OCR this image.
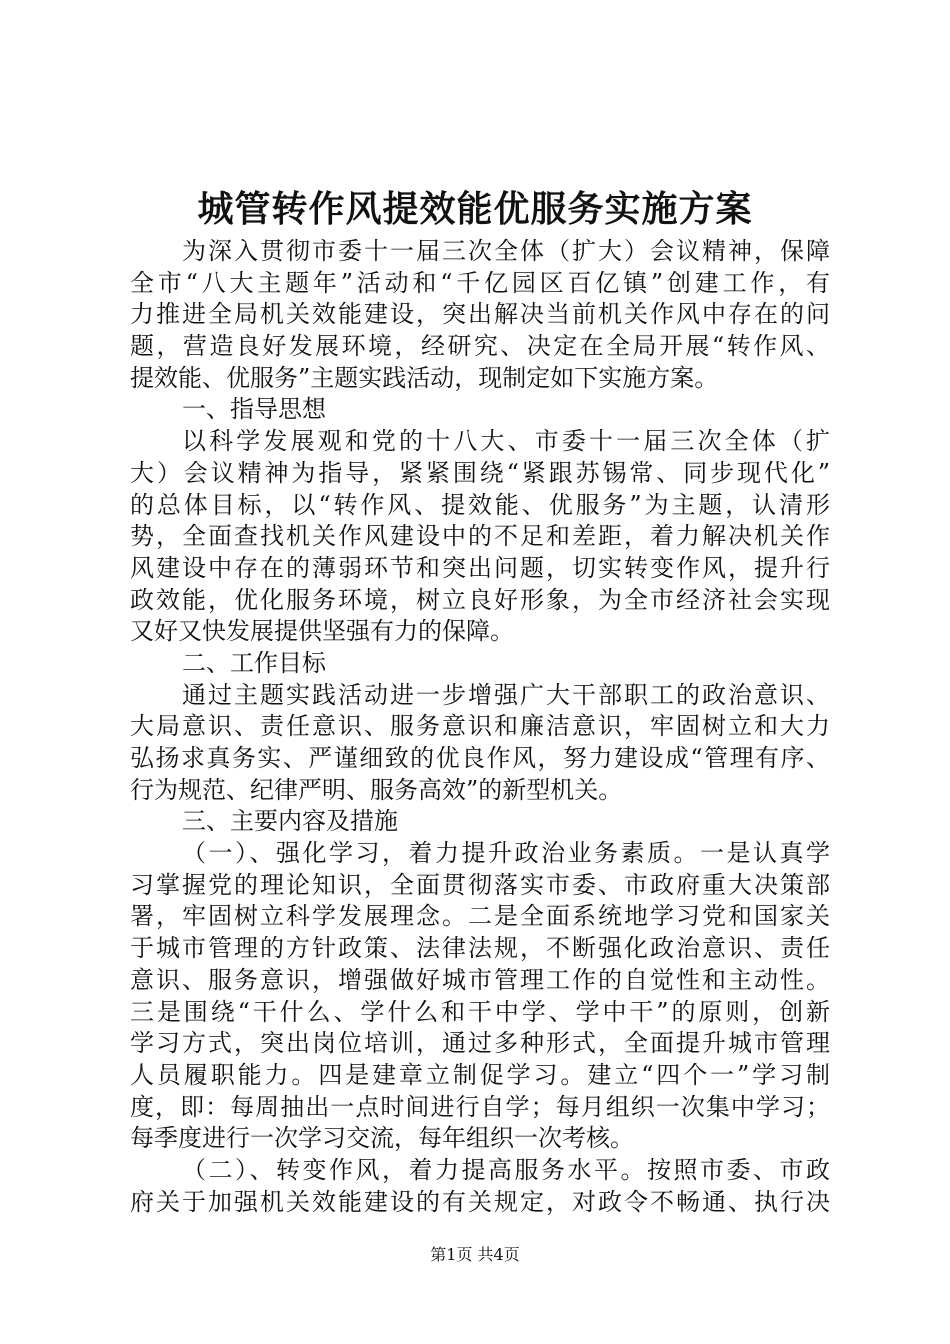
城管转作风提效能优服务实施方案
为深入贯彻市委十一届三次全体（扩大）会议精神，保障
全市“八大主题年”活动和“千亿园区百亿镇”创建工作，有
力推进全局机关效能建设，突出解决当前机关作风中存在的问
题，营造良好发展环境，经研究、决定在全局开展“转作风、
提效能、优服务”主题实践活动，现制定如下实施方案。
一、指导思想
以科学发展观和党的十八大、市委十一届三次全体（扩
大）会议精神为指导，紧紧围绕“紧跟苏锡常、同步现代化”
的总体目标，以“转作风、提效能、优服务”为主题，认清形
势，全面查找机关作风建设中的不足和差距，着力解决机关作
风建设中存在的薄弱环节和突出问题，切实转变作风，提升行
政效能，优化服务环境，树立良好形象，为全市经济社会实现
又好又快发展提供坚强有力的保障。
二、工作目标
通过主题实践活动进一步增强广大干部职工的政治意识、
大局意识、责任意识、服务意识和廉洁意识，牢固树立和大力
弘扬求真务实、严谨细致的优良作风，努力建设成“管理有序、
行为规范、纪律严明、服务高效”的新型机关。
三、主要内容及措施
（一）、强化学习，着力提升政治业务素质。一是认真学
习掌握党的理论知识，全面贯彻落实市委、市政府重大决策部
署，牢固树立科学发展理念。二是全面系统地学习党和国家关
于城市管理的方针政策、法律法规，不断强化政治意识、责任
意识、服务意识，增强做好城市管理工作的自觉性和主动性。
三是围绕“干什么、学什么和干中学、学中干”的原则，创新
学习方式，突出岗位培训，通过多种形式，全面提升城市管理
人员履职能力。四是建章立制促学习。建立“四个一”学习制
度，即：每周抽出一点时间进行自学；每月组织一次集中学习；
每季度进行一次学习交流，每年组织一次考核。
（二）、转变作风，着力提高服务水平。按照市委、市政
府关于加强机关效能建设的有关规定，对政令不畅通、执行决
第1页 共4页
